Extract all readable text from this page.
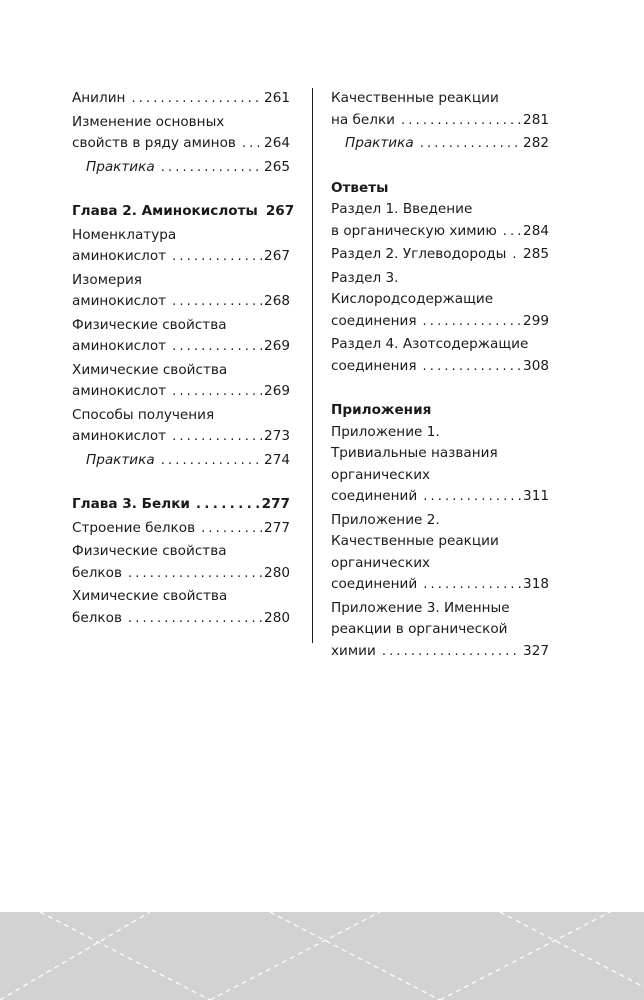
Анилин . . .	261
Изменение основных
свойств в ряду аминов . . . 264
Практика . . .	265
Глава 2. Аминокислоты 267
Номенклатура
аминокислот . . .	267
Изомерия
аминокислот . . .	268
Физические свойства
аминокислот . . .	269
Химические свойства
аминокислот . . .	269
Способы получения
аминокислот . . .	273
Практика . . .	274
Глава 3. Белки . . .	277
Строение белков . . .	277
Физические свойства
белков . . .	280
Химические свойства
белков . . .	280
Качественные реакции
на белки . . .	281
Практика . . .	282
Ответы
Раздел 1. Введение
в органическую химию . . . 284
Раздел 2. Углеводороды . . . 285
Раздел 3.
Кислородсодержащие
соединения . . .	299
Раздел 4. Азотсодержащие
соединения . . .	308
Приложения
Приложение 1.
Тривиальные названия
органических
соединений . . .	311
Приложение 2.
Качественные реакции
органических
соединений . . .	318
Приложение 3. Именные
реакции в органической
химии . . .	327
